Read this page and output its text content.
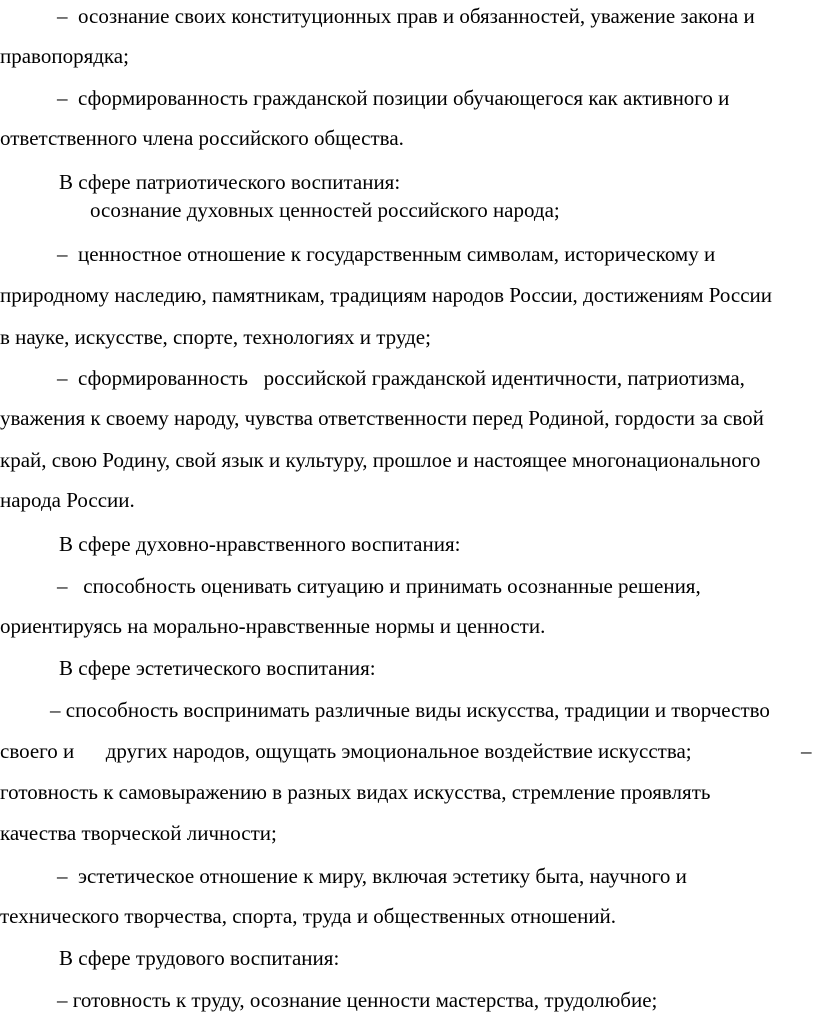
–  осознание своих конституционных прав и обязанностей, уважение закона и
правопорядка;
–  сформированность гражданской позиции обучающегося как активного и
ответственного члена российского общества.
В сфере патриотического воспитания:
осознание духовных ценностей российского народа;
–  ценностное отношение к государственным символам, историческому и
природному наследию, памятникам, традициям народов России, достижениям России
в науке, искусстве, спорте, технологиях и труде;
–  сформированность   российской гражданской идентичности, патриотизма,
уважения к своему народу, чувства ответственности перед Родиной, гордости за свой
край, свою Родину, свой язык и культуру, прошлое и настоящее многонационального
народа России.
В сфере духовно-нравственного воспитания:
–   способность оценивать ситуацию и принимать осознанные решения,
ориентируясь на морально-нравственные нормы и ценности.
В сфере эстетического воспитания:
– способность воспринимать различные виды искусства, традиции и творчество
своего и      других народов, ощущать эмоциональное воздействие искусства;	–
готовность к самовыражению в разных видах искусства, стремление проявлять
качества творческой личности;
–  эстетическое отношение к миру, включая эстетику быта, научного и
технического творчества, спорта, труда и общественных отношений.
В сфере трудового воспитания:
– готовность к труду, осознание ценности мастерства, трудолюбие;
